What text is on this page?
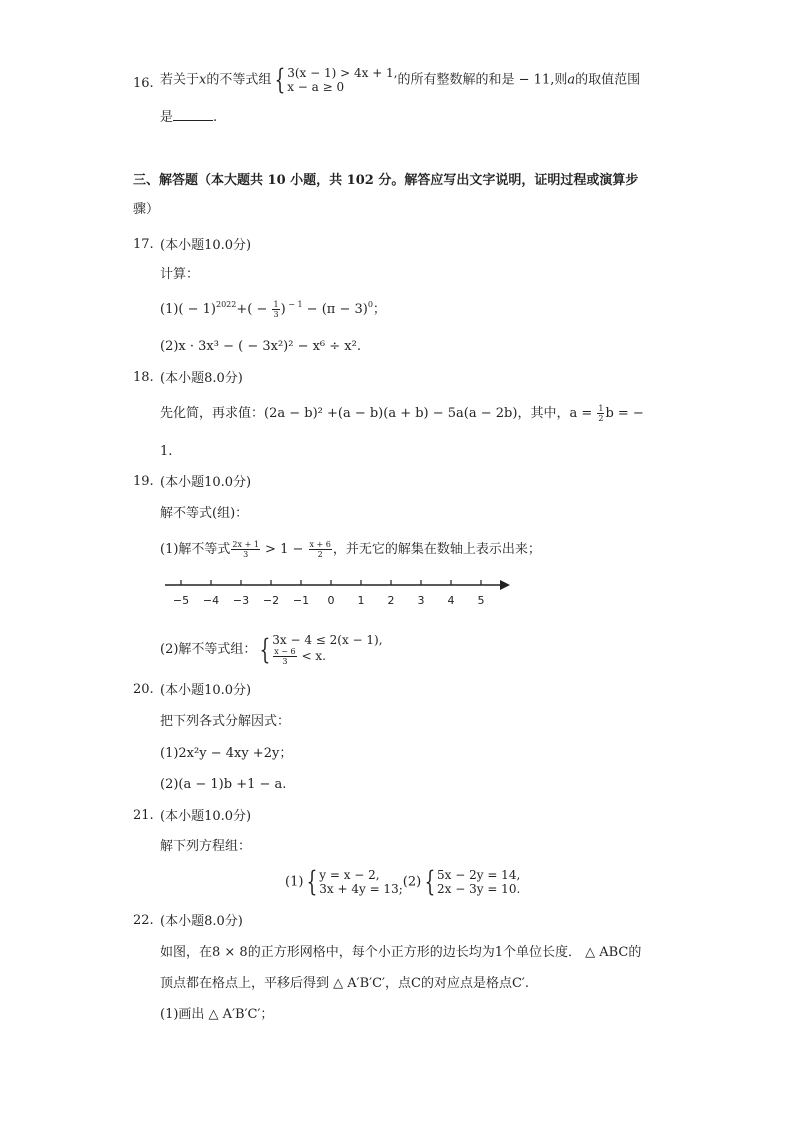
16. 若关于x的不等式组 { 3(x − 1) > 4x + 1,
x − a ≥ 0	的所有整数解的和是 − 11,则a的取值范围
是	.
三、解答题（本大题共 10 小题，共 102 分。解答应写出文字说明，证明过程或演算步
骤）
17. (本小题10.0分)
计算：
$(1)( - 1)^{2022}+( - \frac{1}{3}$ ) $^{- 1} - (\pi - 3)^0$；
(2)x · 3x³ − ( − 3x²)² − x⁶ ÷ x².
18. (本小题8.0分)
先化简，再求值：(2a − b)² +(a − b)(a + b) − 5a(a − 2b)，其中，$a = \frac{1}{2}$ b = −
1.
19. (本小题10.0分)
解不等式(组)：
(1)解不等式 $\frac{2x + 1}{3} > 1 - \frac{x + 6}{2}$ ，并无它的解集在数轴上表示出来；
−5 −4 −3 −2 −1 0 1 2 3 4 5
(2)解不等式组： { 3x − 4 ≤ 2(x − 1),
$\frac{x - 6}{3} < x$.
20. (本小题10.0分)
把下列各式分解因式：
(1)2x²y − 4xy +2y；
(2)(a − 1)b +1 − a.
21. (本小题10.0分)
解下列方程组：
(1) { y = x − 2,
3x + 4y = 13; (2) { 5x − 2y = 14,
2x − 3y = 10.
22. (本小题8.0分)
如图，在8 × 8的正方形网格中，每个小正方形的边长均为1个单位长度． △ ABC的
顶点都在格点上，平移后得到 △ A′B′C′，点C的对应点是格点C′.
(1)画出 △ A′B′C′；
